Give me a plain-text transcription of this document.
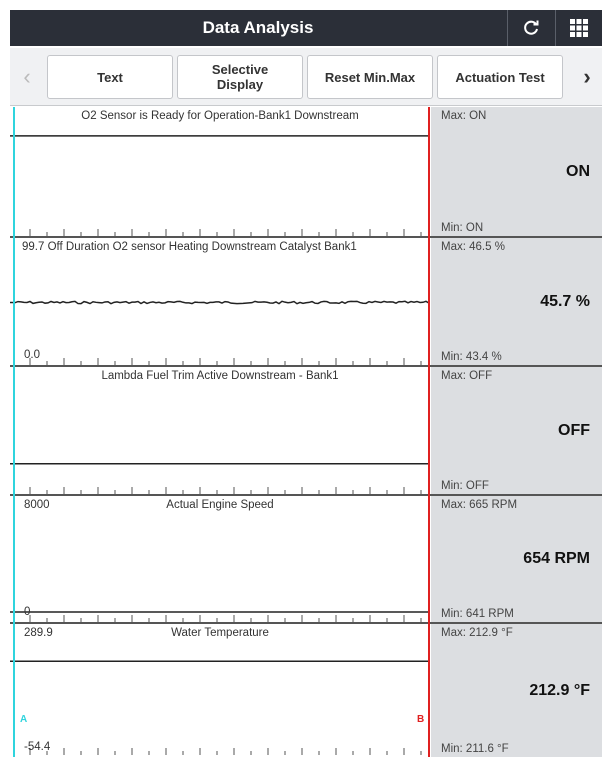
Data Analysis
‹	Text	Selective Display	Reset Min.Max	Actuation Test	›
O2 Sensor is Ready for Operation-Bank1 Downstream	Max: ON
ON
Min: ON
99.7 Off Duration O2 sensor Heating Downstream Catalyst Bank1
0.0
Max: 46.5 %
45.7 %
Min: 43.4 %
Lambda Fuel Trim Active Downstream - Bank1	Max: OFF
OFF
Min: OFF
Actual Engine Speed
8000
0
Max: 665 RPM
654 RPM
Min: 641 RPM
Water Temperature
289.9
-54.4
Max: 212.9 °F
212.9 °F
Min: 211.6 °F
A	B
